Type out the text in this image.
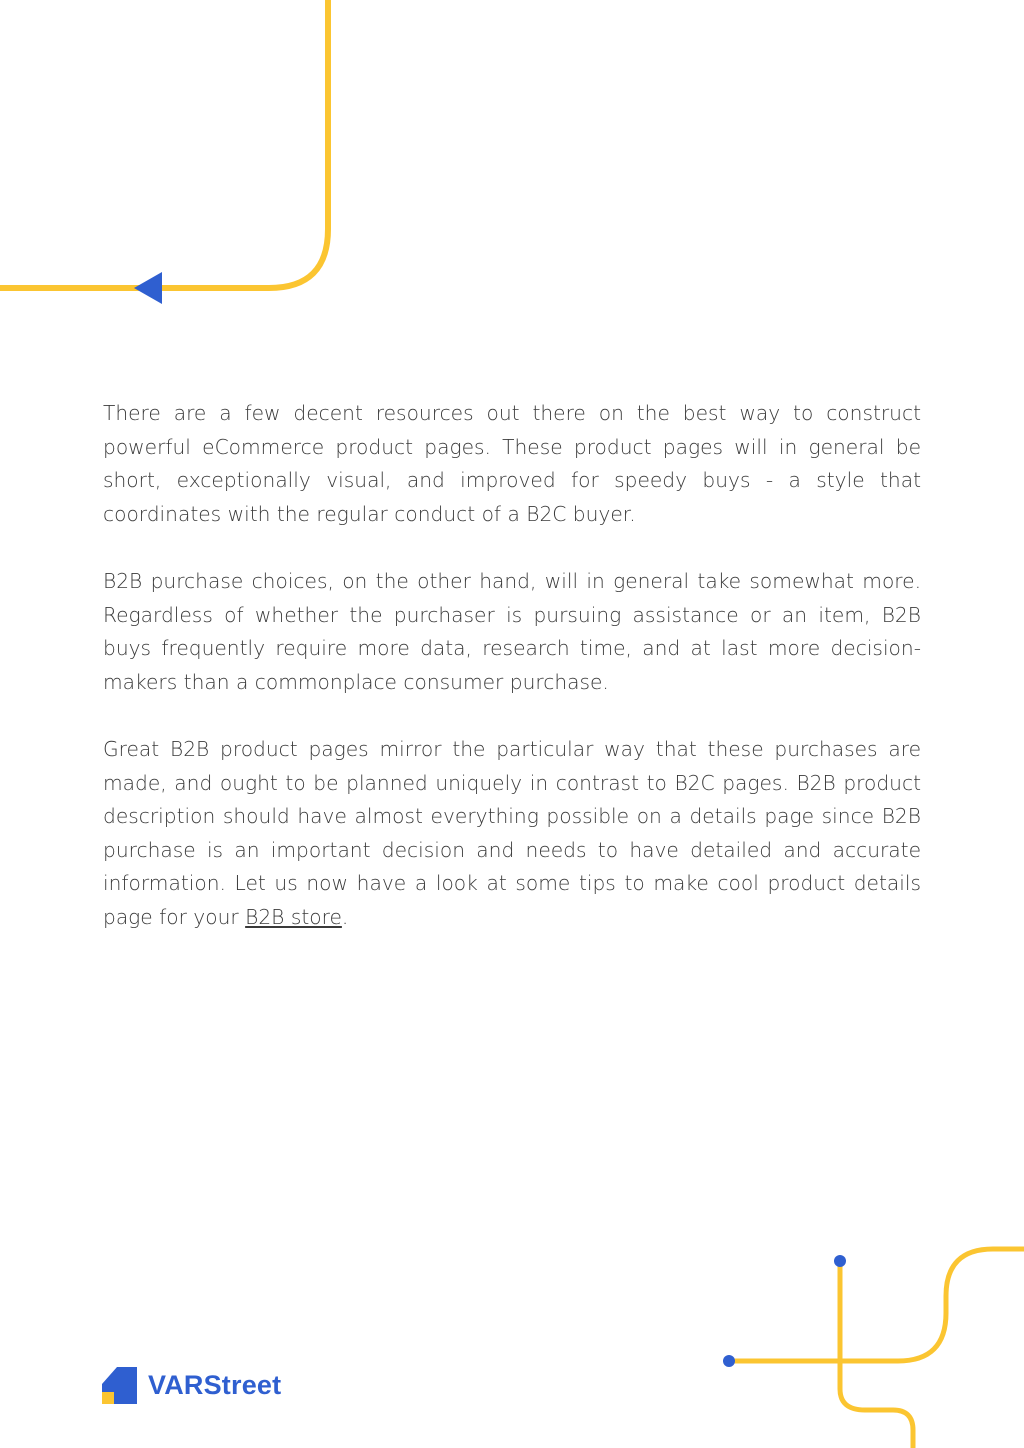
There are a few decent resources out there on the best way to construct powerful eCommerce product pages. These product pages will in general be short, exceptionally visual, and improved for speedy buys - a style that coordinates with the regular conduct of a B2C buyer.

B2B purchase choices, on the other hand, will in general take somewhat more. Regardless of whether the purchaser is pursuing assistance or an item, B2B buys frequently require more data, research time, and at last more decision-makers than a commonplace consumer purchase.

Great B2B product pages mirror the particular way that these purchases are made, and ought to be planned uniquely in contrast to B2C pages. B2B product description should have almost everything possible on a details page since B2B purchase is an important decision and needs to have detailed and accurate information. Let us now have a look at some tips to make cool product details page for your B2B store.

VARStreet
